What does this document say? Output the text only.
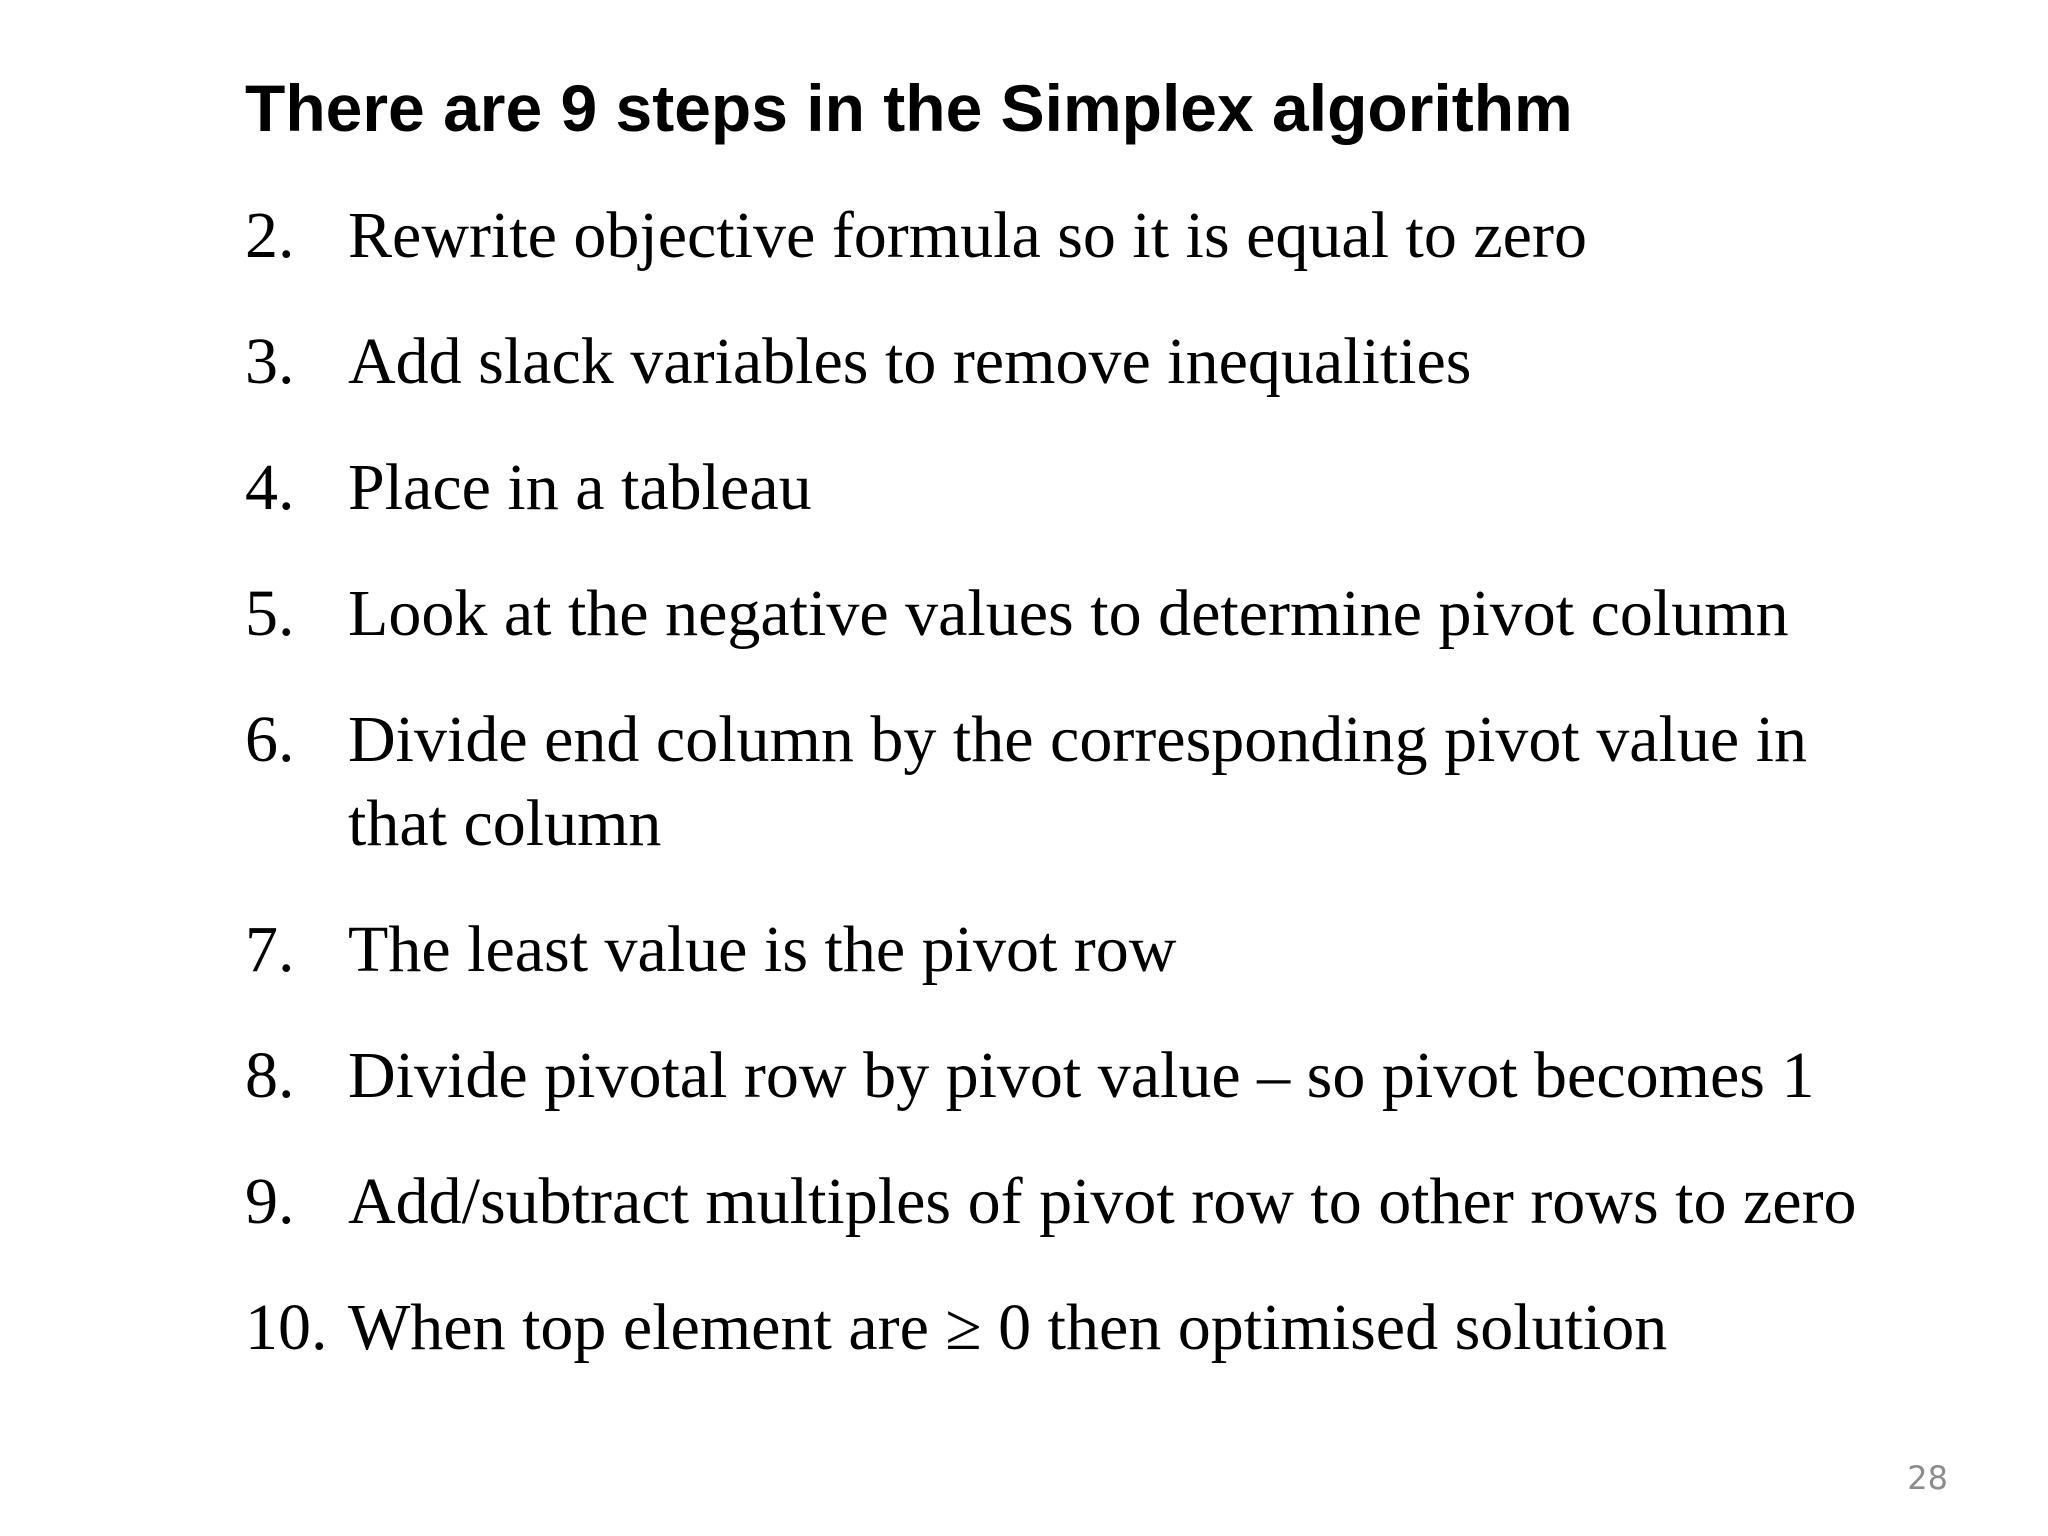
There are 9 steps in the Simplex algorithm
2. Rewrite objective formula so it is equal to zero
3. Add slack variables to remove inequalities
4. Place in a tableau
5. Look at the negative values to determine pivot column
6. Divide end column by the corresponding pivot value in
that column
7. The least value is the pivot row
8. Divide pivotal row by pivot value – so pivot becomes 1
9. Add/subtract multiples of pivot row to other rows to zero
10. When top element are ≥ 0 then optimised solution
28
